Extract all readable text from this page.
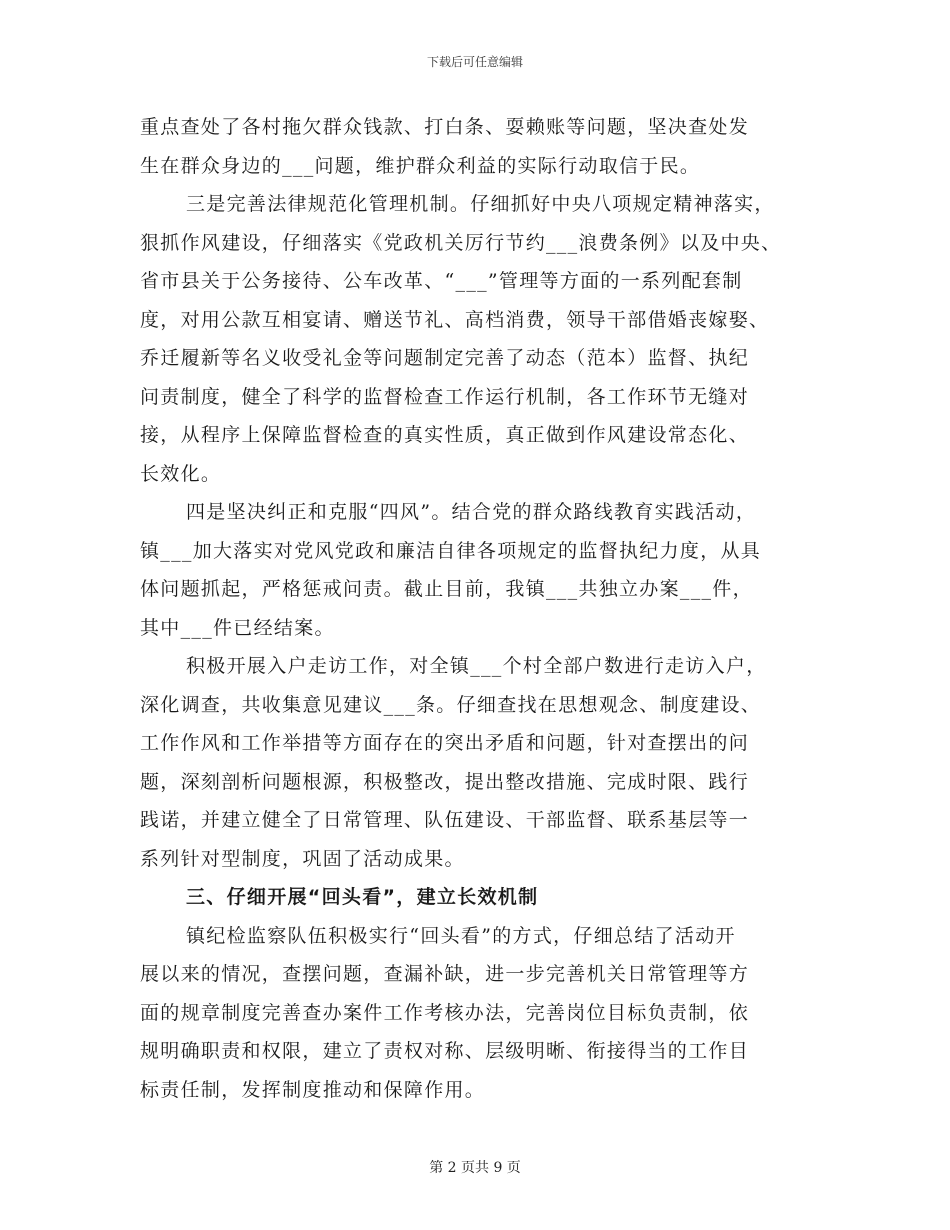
下载后可任意编辑
重点查处了各村拖欠群众钱款、打白条、耍赖账等问题，坚决查处发
生在群众身边的___问题，维护群众利益的实际行动取信于民。
三是完善法律规范化管理机制。仔细抓好中央八项规定精神落实，
狠抓作风建设，仔细落实《党政机关厉行节约___浪费条例》以及中央、
省市县关于公务接待、公车改革、“___”管理等方面的一系列配套制
度，对用公款互相宴请、赠送节礼、高档消费，领导干部借婚丧嫁娶、
乔迁履新等名义收受礼金等问题制定完善了动态（范本）监督、执纪
问责制度，健全了科学的监督检查工作运行机制，各工作环节无缝对
接，从程序上保障监督检查的真实性质，真正做到作风建设常态化、
长效化。
四是坚决纠正和克服“四风”。结合党的群众路线教育实践活动，
镇___加大落实对党风党政和廉洁自律各项规定的监督执纪力度，从具
体问题抓起，严格惩戒问责。截止目前，我镇___共独立办案___件，
其中___件已经结案。
积极开展入户走访工作，对全镇___个村全部户数进行走访入户，
深化调查，共收集意见建议___条。仔细查找在思想观念、制度建设、
工作作风和工作举措等方面存在的突出矛盾和问题，针对查摆出的问
题，深刻剖析问题根源，积极整改，提出整改措施、完成时限、践行
践诺，并建立健全了日常管理、队伍建设、干部监督、联系基层等一
系列针对型制度，巩固了活动成果。
三、仔细开展“回头看”，建立长效机制
镇纪检监察队伍积极实行“回头看”的方式，仔细总结了活动开
展以来的情况，查摆问题，查漏补缺，进一步完善机关日常管理等方
面的规章制度完善查办案件工作考核办法，完善岗位目标负责制，依
规明确职责和权限，建立了责权对称、层级明晰、衔接得当的工作目
标责任制，发挥制度推动和保障作用。
第 2 页共 9 页
